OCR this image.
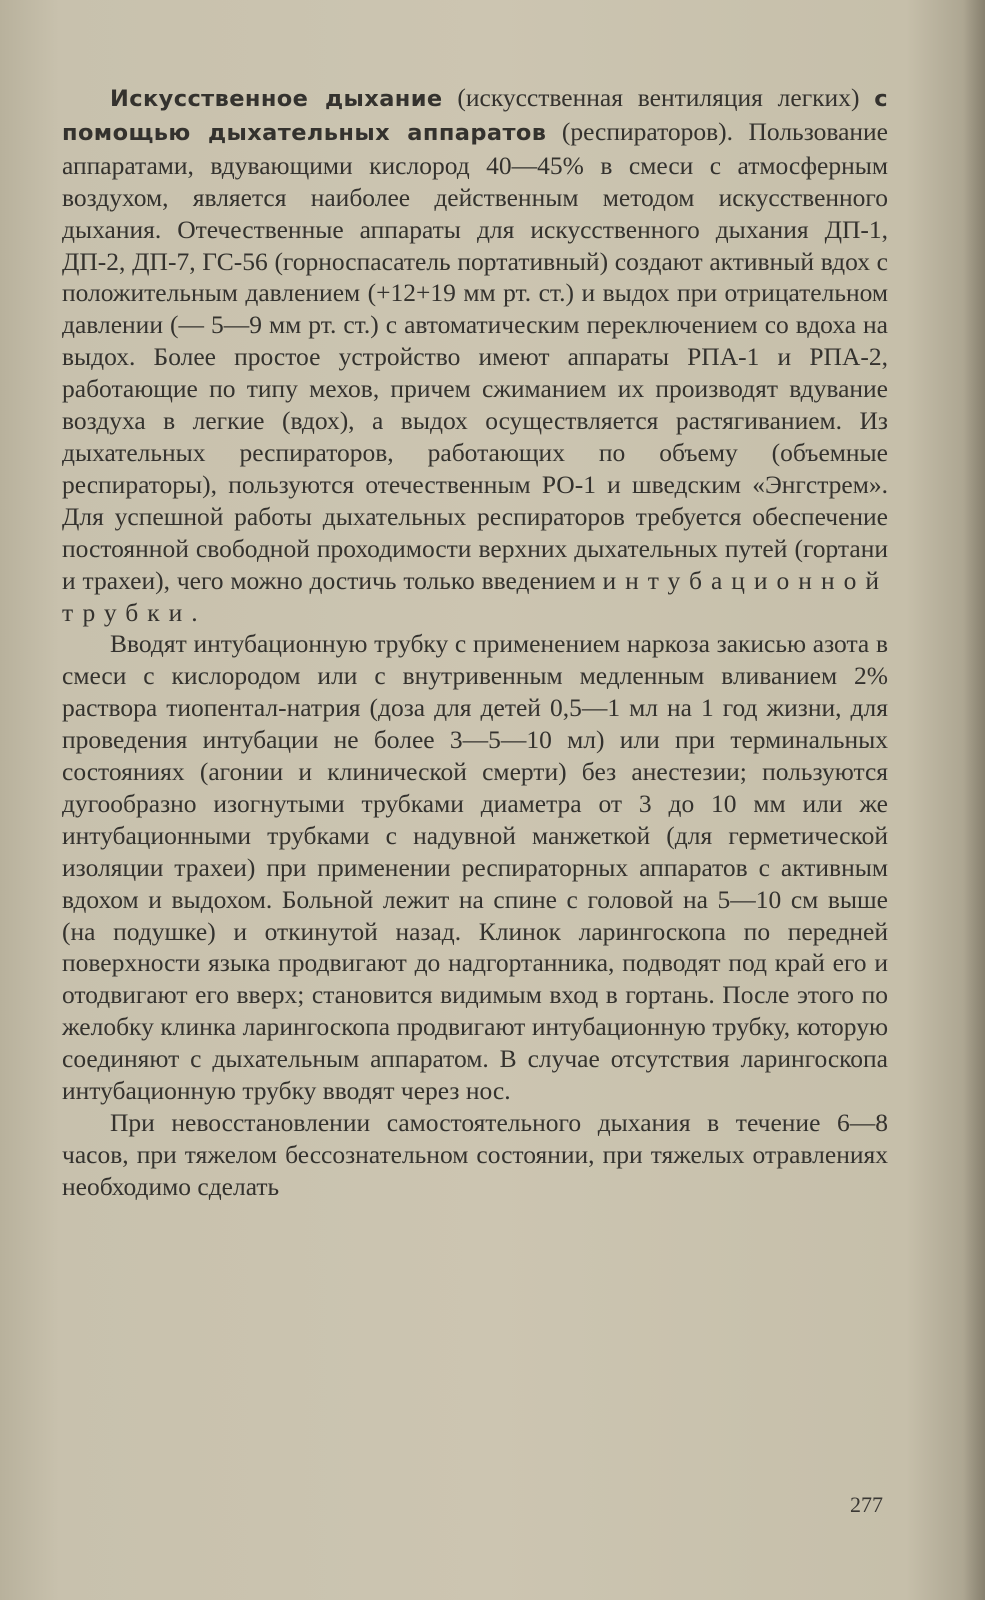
Искусственное дыхание (искусственная вентиляция легких) с помощью дыхательных аппаратов (респираторов). Пользование аппаратами, вдувающими кислород 40—45% в смеси с атмосферным воздухом, является наиболее действенным методом искусственного дыхания. Отечественные аппараты для искусственного дыхания ДП-1, ДП-2, ДП-7, ГС-56 (горноспасатель портативный) создают активный вдох с положительным давлением (+12+19 мм рт. ст.) и выдох при отрицательном давлении (— 5—9 мм рт. ст.) с автоматическим переключением со вдоха на выдох. Более простое устройство имеют аппараты РПА-1 и РПА-2, работающие по типу мехов, причем сжиманием их производят вдувание воздуха в легкие (вдох), а выдох осуществляется растягиванием. Из дыхательных респираторов, работающих по объему (объемные респираторы), пользуются отечественным РО-1 и шведским «Энгстрем». Для успешной работы дыхательных респираторов требуется обеспечение постоянной свободной проходимости верхних дыхательных путей (гортани и трахеи), чего можно достичь только введением интубационной трубки.

Вводят интубационную трубку с применением наркоза закисью азота в смеси с кислородом или с внутривенным медленным вливанием 2% раствора тиопентал-натрия (доза для детей 0,5—1 мл на 1 год жизни, для проведения интубации не более 3—5—10 мл) или при терминальных состояниях (агонии и клинической смерти) без анестезии; пользуются дугообразно изогнутыми трубками диаметра от 3 до 10 мм или же интубационными трубками с надувной манжеткой (для герметической изоляции трахеи) при применении респираторных аппаратов с активным вдохом и выдохом. Больной лежит на спине с головой на 5—10 см выше (на подушке) и откинутой назад. Клинок ларингоскопа по передней поверхности языка продвигают до надгортанника, подводят под край его и отодвигают его вверх; становится видимым вход в гортань. После этого по желобку клинка ларингоскопа продвигают интубационную трубку, которую соединяют с дыхательным аппаратом. В случае отсутствия ларингоскопа интубационную трубку вводят через нос.

При невосстановлении самостоятельного дыхания в течение 6—8 часов, при тяжелом бессознательном состоянии, при тяжелых отравлениях необходимо сделать

277
